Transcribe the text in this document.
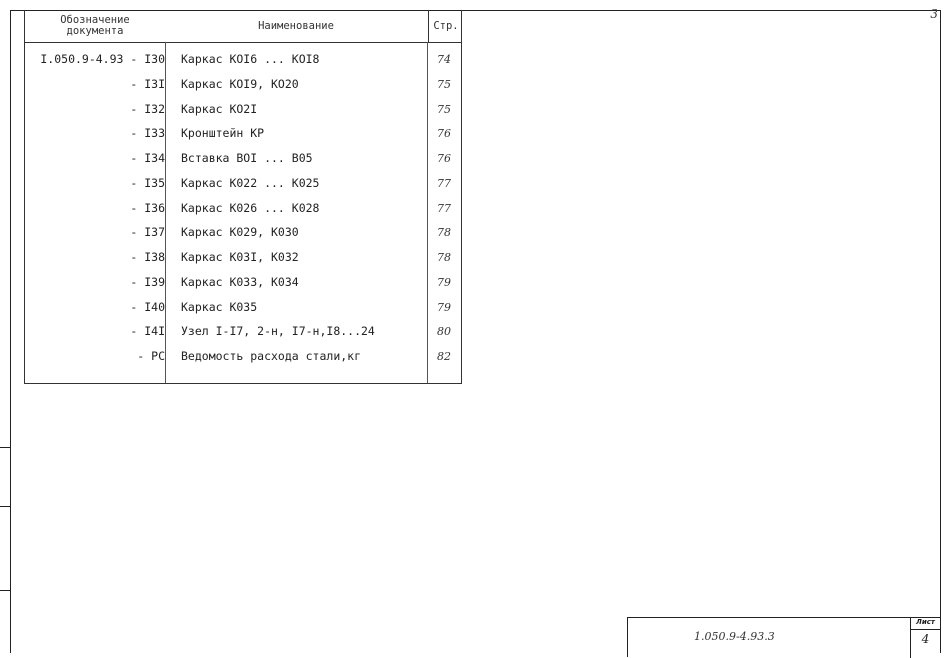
3
Обозначение
документа	Наименование	Стр.
I.050.9-4.93 - I30 Каркас КОI6 ... КОI8	74
- I3I Каркас КОI9, КО20	75
- I32 Каркас КО2I	75
- I33 Кронштейн КР	76
- I34 Вставка ВОI ... В05	76
- I35 Каркас К022 ... К025	77
- I36 Каркас К026 ... К028	77
- I37 Каркас К029, К030	78
- I38 Каркас К03I, К032	78
- I39 Каркас К033, К034	79
- I40 Каркас К035	79
- I4I Узел I-I7, 2-н, I7-н,I8...24	80
- PC Ведомость расхода стали,кг	82
1.050.9-4.93.3
Лист
4
